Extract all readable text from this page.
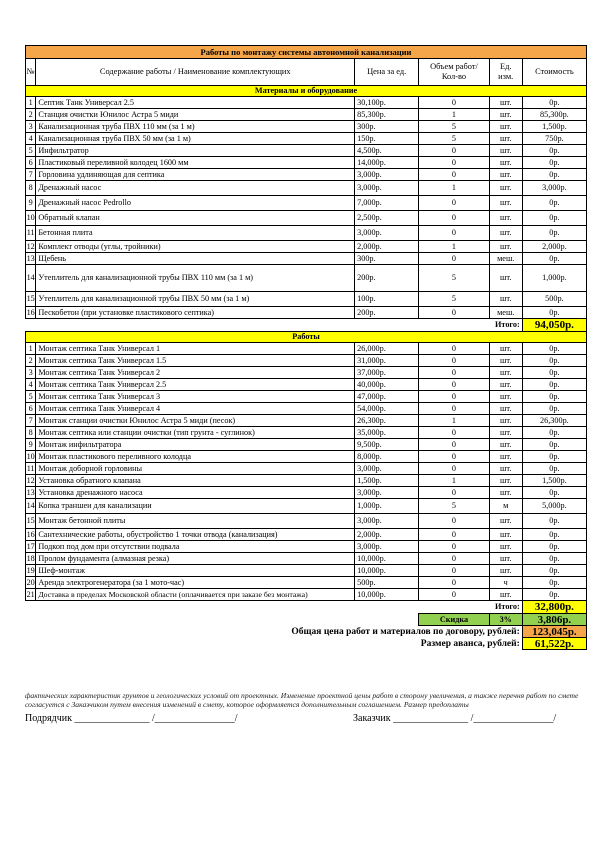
Работы по монтажу системы автономной канализации					
№	Содержание работы / Наименование комплектующих	Цена за ед.	Объем работ/ Кол-во	Ед. изм.	Стоимость
Материалы и оборудование					
1	Септик Танк Универсал 2.5	30,100р.	0	шт.	0р.
2	Станция очистки Юнилос Астра 5 миди	85,300р.	1	шт.	85,300р.
3	Канализационная труба ПВХ 110 мм (за 1 м)	300р.	5	шт.	1,500р.
4	Канализационная труба ПВХ 50 мм (за 1 м)	150р.	5	шт.	750р.
5	Инфильтратор	4,500р.	0	шт.	0р.
6	Пластиковый переливной колодец 1600 мм	14,000р.	0	шт.	0р.
7	Горловина удлиняющая для септика	3,000р.	0	шт.	0р.
8	Дренажный насос	3,000р.	1	шт.	3,000р.
9	Дренажный насос Pedrollo	7,000р.	0	шт.	0р.
10	Обратный клапан	2,500р.	0	шт.	0р.
11	Бетонная плита	3,000р.	0	шт.	0р.
12	Комплект отводы (углы, тройники)	2,000р.	1	шт.	2,000р.
13	Щебень	300р.	0	меш.	0р.
14	Утеплитель для канализационной трубы ПВХ 110 мм (за 1 м)	200р.	5	шт.	1,000р.
15	Утеплитель для канализационной трубы ПВХ 50 мм (за 1 м)	100р.	5	шт.	500р.
16	Пескобетон (при установке пластикового септика)	200р.	0	меш.	0р.
Итого:					94,050р.
Работы					
1	Монтаж септика Танк Универсал 1	26,000р.	0	шт.	0р.
2	Монтаж септика Танк Универсал 1.5	31,000р.	0	шт.	0р.
3	Монтаж септика Танк Универсал 2	37,000р.	0	шт.	0р.
4	Монтаж септика Танк Универсал 2.5	40,000р.	0	шт.	0р.
5	Монтаж септика Танк Универсал 3	47,000р.	0	шт.	0р.
6	Монтаж септика Танк Универсал 4	54,000р.	0	шт.	0р.
7	Монтаж станции очистки Юнилос Астра 5 миди (песок)	26,300р.	1	шт.	26,300р.
8	Монтаж септика или станции очистки (тип грунта - суглинок)	35,000р.	0	шт.	0р.
9	Монтаж инфильтратора	9,500р.	0	шт.	0р.
10	Монтаж пластикового переливного колодца	8,000р.	0	шт.	0р.
11	Монтаж доборной горловины	3,000р.	0	шт.	0р.
12	Установка обратного клапана	1,500р.	1	шт.	1,500р.
13	Установка дренажного насоса	3,000р.	0	шт.	0р.
14	Копка траншеи для канализации	1,000р.	5	м	5,000р.
15	Монтаж бетонной плиты	3,000р.	0	шт.	0р.
16	Сантехнические работы, обустройство 1 точки отвода (канализация)	2,000р.	0	шт.	0р.
17	Подкоп под дом при отсутствии подвала	3,000р.	0	шт.	0р.
18	Пролом фундамента (алмазная резка)	10,000р.	0	шт.	0р.
19	Шеф-монтаж	10,000р.	0	шт.	0р.
20	Аренда электрогенератора (за 1 мото-час)	500р.	0	ч	0р.
21	Доставка в пределах Московской области (оплачивается при заказе без монтажа)	10,000р.	0	шт.	0р.
Итого:					32,800р.
			Скидка	3%	3,806р.
Общая цена работ и материалов по договору, рублей:					123,045р.
Размер аванса, рублей:					61,522р.
фактических характеристик грунтов и геологических условий от проектных. Изменение проектной цены работ в сторону увеличения, а также перечня работ по смете согласуется с Заказчиком путем внесения изменений в смету, которое оформляется дополнительным соглашением. Размер предоплаты
Подрядчик _______________ /________________/	Заказчик _______________ /________________/
